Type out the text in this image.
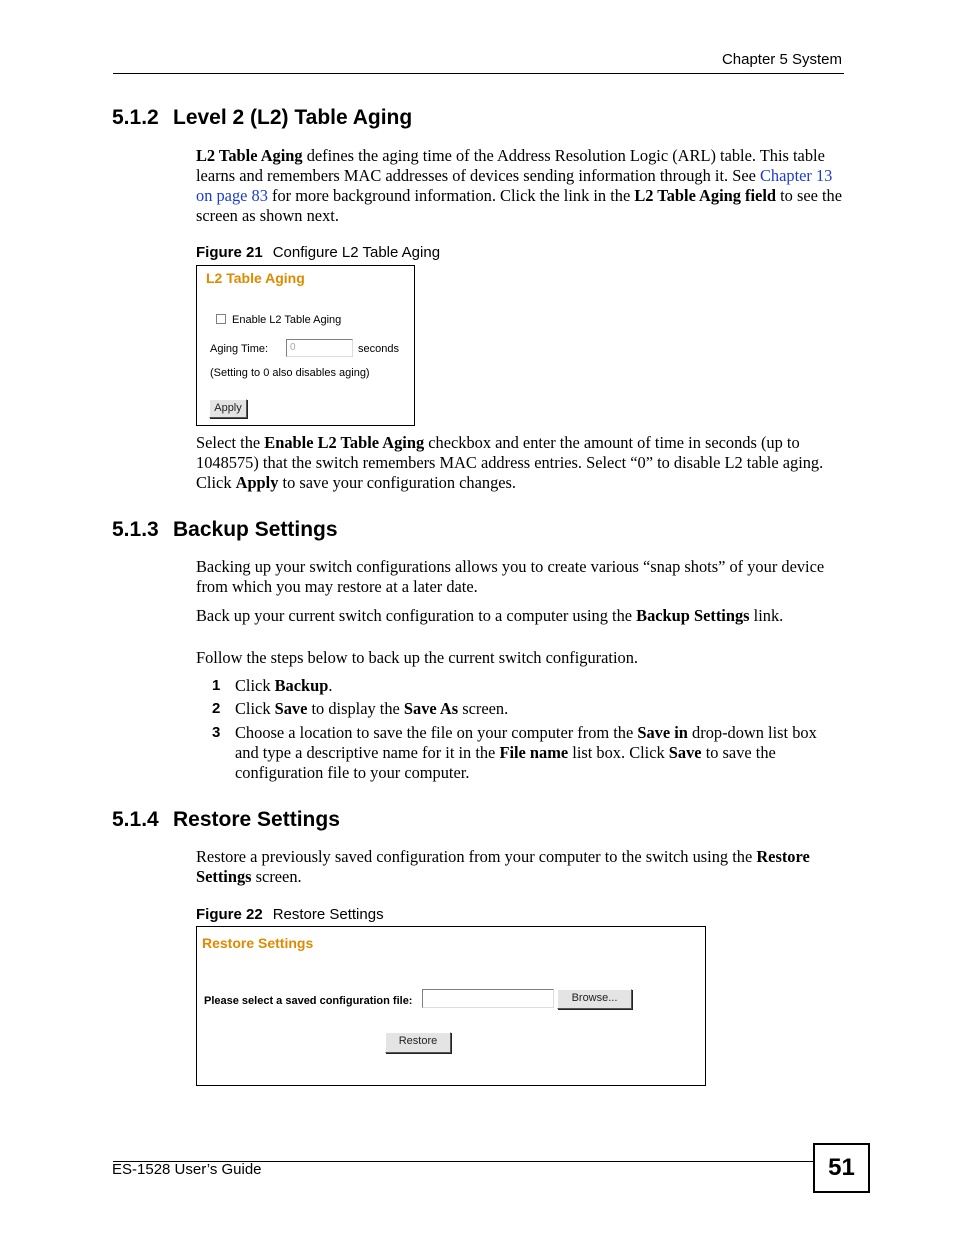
Chapter 5 System
5.1.2 Level 2 (L2) Table Aging
L2 Table Aging defines the aging time of the Address Resolution Logic (ARL) table. This table learns and remembers MAC addresses of devices sending information through it. See Chapter 13 on page 83 for more background information. Click the link in the L2 Table Aging field to see the screen as shown next.
Figure 21 Configure L2 Table Aging
L2 Table Aging
Enable L2 Table Aging
Aging Time:	0	seconds
(Setting to 0 also disables aging)
Apply
Select the Enable L2 Table Aging checkbox and enter the amount of time in seconds (up to 1048575) that the switch remembers MAC address entries. Select “0” to disable L2 table aging. Click Apply to save your configuration changes.
5.1.3 Backup Settings
Backing up your switch configurations allows you to create various “snap shots” of your device from which you may restore at a later date.
Back up your current switch configuration to a computer using the Backup Settings link.
Follow the steps below to back up the current switch configuration.
1 Click Backup.
2 Click Save to display the Save As screen.
3 Choose a location to save the file on your computer from the Save in drop-down list box and type a descriptive name for it in the File name list box. Click Save to save the configuration file to your computer.
5.1.4 Restore Settings
Restore a previously saved configuration from your computer to the switch using the Restore Settings screen.
Figure 22 Restore Settings
Restore Settings
Please select a saved configuration file:	Browse...
Restore
ES-1528 User’s Guide	51
